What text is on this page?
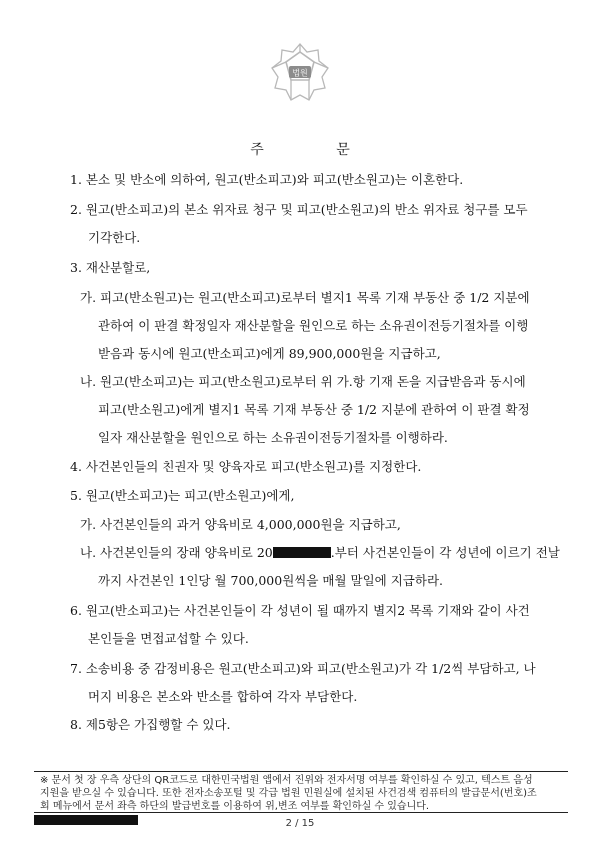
법원
주 문
1. 본소 및 반소에 의하여, 원고(반소피고)와 피고(반소원고)는 이혼한다.
2. 원고(반소피고)의 본소 위자료 청구 및 피고(반소원고)의 반소 위자료 청구를 모두
기각한다.
3. 재산분할로,
가. 피고(반소원고)는 원고(반소피고)로부터 별지1 목록 기재 부동산 중 1/2 지분에
관하여 이 판결 확정일자 재산분할을 원인으로 하는 소유권이전등기절차를 이행
받음과 동시에 원고(반소피고)에게 89,900,000원을 지급하고,
나. 원고(반소피고)는 피고(반소원고)로부터 위 가.항 기재 돈을 지급받음과 동시에
피고(반소원고)에게 별지1 목록 기재 부동산 중 1/2 지분에 관하여 이 판결 확정
일자 재산분할을 원인으로 하는 소유권이전등기절차를 이행하라.
4. 사건본인들의 친권자 및 양육자로 피고(반소원고)를 지정한다.
5. 원고(반소피고)는 피고(반소원고)에게,
가. 사건본인들의 과거 양육비로 4,000,000원을 지급하고,
나. 사건본인들의 장래 양육비로 20	.부터 사건본인들이 각 성년에 이르기 전날
까지 사건본인 1인당 월 700,000원씩을 매월 말일에 지급하라.
6. 원고(반소피고)는 사건본인들이 각 성년이 될 때까지 별지2 목록 기재와 같이 사건
본인들을 면접교섭할 수 있다.
7. 소송비용 중 감정비용은 원고(반소피고)와 피고(반소원고)가 각 1/2씩 부담하고, 나
머지 비용은 본소와 반소를 합하여 각자 부담한다.
8. 제5항은 가집행할 수 있다.
※ 문서 첫 장 우측 상단의 QR코드로 대한민국법원 앱에서 진위와 전자서명 여부를 확인하실 수 있고, 텍스트 음성
지원을 받으실 수 있습니다. 또한 전자소송포털 및 각급 법원 민원실에 설치된 사건검색 컴퓨터의 발급문서(번호)조
회 메뉴에서 문서 좌측 하단의 발급번호를 이용하여 위,변조 여부를 확인하실 수 있습니다.
2 / 15
